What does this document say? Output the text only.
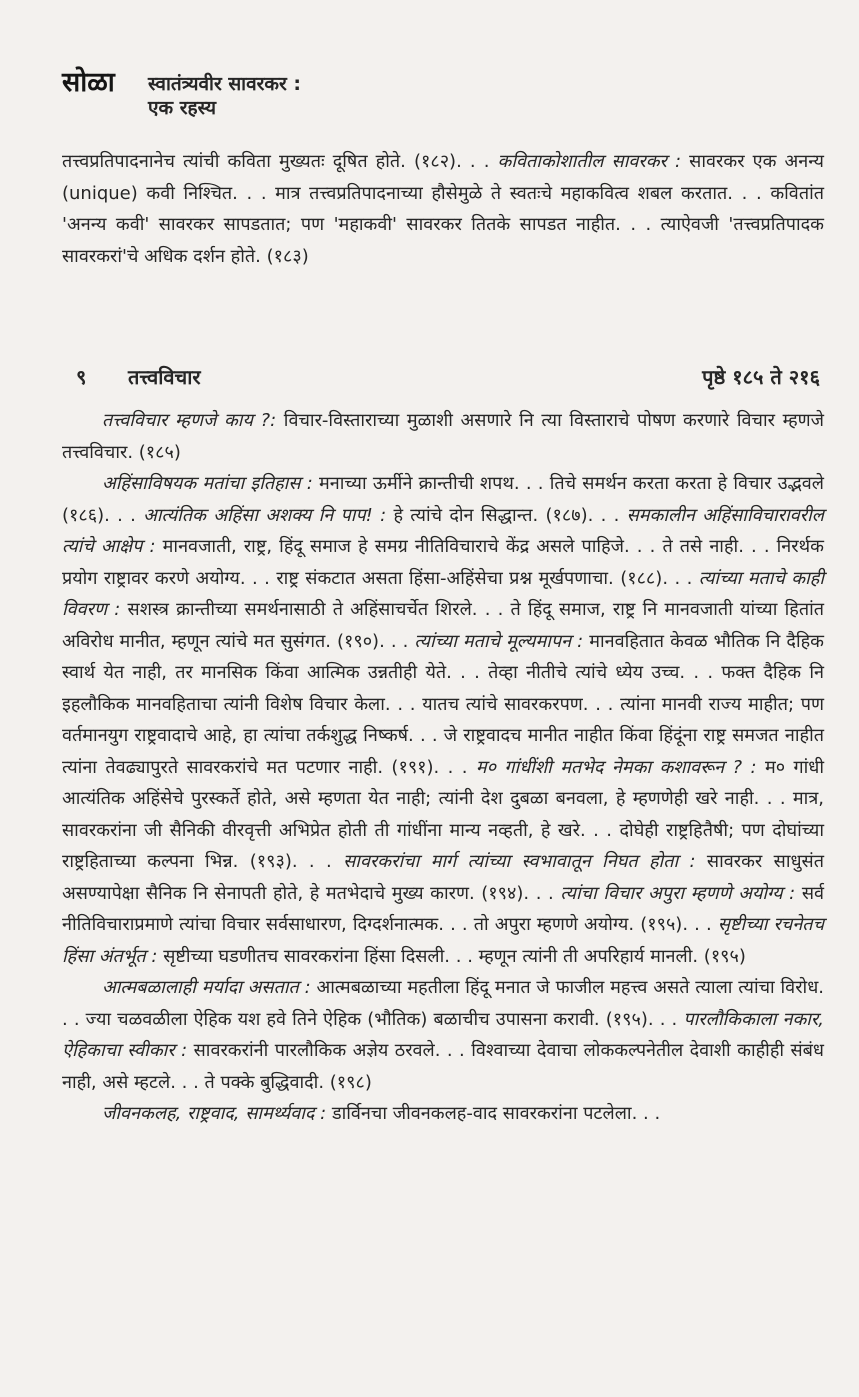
सोळा स्वातंत्र्यवीर सावरकर :
एक रहस्य
तत्त्वप्रतिपादनानेच त्यांची कविता मुख्यतः दूषित होते. (१८२). . . कविताकोशातील सावरकर : सावरकर एक अनन्य (unique) कवी निश्चित. . . मात्र तत्त्वप्रतिपादनाच्या हौसेमुळे ते स्वतःचे महाकवित्व शबल करतात. . . कवितांत 'अनन्य कवी' सावरकर सापडतात; पण 'महाकवी' सावरकर तितके सापडत नाहीत. . . त्याऐवजी 'तत्त्वप्रतिपादक सावरकरां'चे अधिक दर्शन होते. (१८३)
९ तत्त्वविचार	पृष्ठे १८५ ते २१६
तत्त्वविचार म्हणजे काय ?: विचार-विस्ताराच्या मुळाशी असणारे नि त्या विस्ताराचे पोषण करणारे विचार म्हणजे तत्त्वविचार. (१८५)
अहिंसाविषयक मतांचा इतिहास : मनाच्या ऊर्मीने क्रान्तीची शपथ. . . तिचे समर्थन करता करता हे विचार उद्भवले (१८६). . . आत्यंतिक अहिंसा अशक्य नि पाप! : हे त्यांचे दोन सिद्धान्त. (१८७). . . समकालीन अहिंसाविचारावरील त्यांचे आक्षेप : मानवजाती, राष्ट्र, हिंदू समाज हे समग्र नीतिविचाराचे केंद्र असले पाहिजे. . . ते तसे नाही. . . निरर्थक प्रयोग राष्ट्रावर करणे अयोग्य. . . राष्ट्र संकटात असता हिंसा-अहिंसेचा प्रश्न मूर्खपणाचा. (१८८). . . त्यांच्या मताचे काही विवरण : सशस्त्र क्रान्तीच्या समर्थनासाठी ते अहिंसाचर्चेत शिरले. . . ते हिंदू समाज, राष्ट्र नि मानवजाती यांच्या हितांत अविरोध मानीत, म्हणून त्यांचे मत सुसंगत. (१९०). . . त्यांच्या मताचे मूल्यमापन : मानवहितात केवळ भौतिक नि दैहिक स्वार्थ येत नाही, तर मानसिक किंवा आत्मिक उन्नतीही येते. . . तेव्हा नीतीचे त्यांचे ध्येय उच्च. . . फक्त दैहिक नि इहलौकिक मानवहिताचा त्यांनी विशेष विचार केला. . . यातच त्यांचे सावरकरपण. . . त्यांना मानवी राज्य माहीत; पण वर्तमानयुग राष्ट्रवादाचे आहे, हा त्यांचा तर्कशुद्ध निष्कर्ष. . . जे राष्ट्रवादच मानीत नाहीत किंवा हिंदूंना राष्ट्र समजत नाहीत त्यांना तेवढ्यापुरते सावरकरांचे मत पटणार नाही. (१९१). . . म० गांधींशी मतभेद नेमका कशावरून ? : म० गांधी आत्यंतिक अहिंसेचे पुरस्कर्ते होते, असे म्हणता येत नाही; त्यांनी देश दुबळा बनवला, हे म्हणणेही खरे नाही. . . मात्र, सावरकरांना जी सैनिकी वीरवृत्ती अभिप्रेत होती ती गांधींना मान्य नव्हती, हे खरे. . . दोघेही राष्ट्रहितैषी; पण दोघांच्या राष्ट्रहिताच्या कल्पना भिन्न. (१९३). . . सावरकरांचा मार्ग त्यांच्या स्वभावातून निघत होता : सावरकर साधुसंत असण्यापेक्षा सैनिक नि सेनापती होते, हे मतभेदाचे मुख्य कारण. (१९४). . . त्यांचा विचार अपुरा म्हणणे अयोग्य : सर्व नीतिविचाराप्रमाणे त्यांचा विचार सर्वसाधारण, दिग्दर्शनात्मक. . . तो अपुरा म्हणणे अयोग्य. (१९५). . . सृष्टीच्या रचनेतच हिंसा अंतर्भूत : सृष्टीच्या घडणीतच सावरकरांना हिंसा दिसली. . . म्हणून त्यांनी ती अपरिहार्य मानली. (१९५)
आत्मबळालाही मर्यादा असतात : आत्मबळाच्या महतीला हिंदू मनात जे फाजील महत्त्व असते त्याला त्यांचा विरोध. . . ज्या चळवळीला ऐहिक यश हवे तिने ऐहिक (भौतिक) बळाचीच उपासना करावी. (१९५). . . पारलौकिकाला नकार, ऐहिकाचा स्वीकार : सावरकरांनी पारलौकिक अज्ञेय ठरवले. . . विश्वाच्या देवाचा लोककल्पनेतील देवाशी काहीही संबंध नाही, असे म्हटले. . . ते पक्के बुद्धिवादी. (१९८)
जीवनकलह, राष्ट्रवाद, सामर्थ्यवाद : डार्विनचा जीवनकलह-वाद सावरकरांना पटलेला. . .
